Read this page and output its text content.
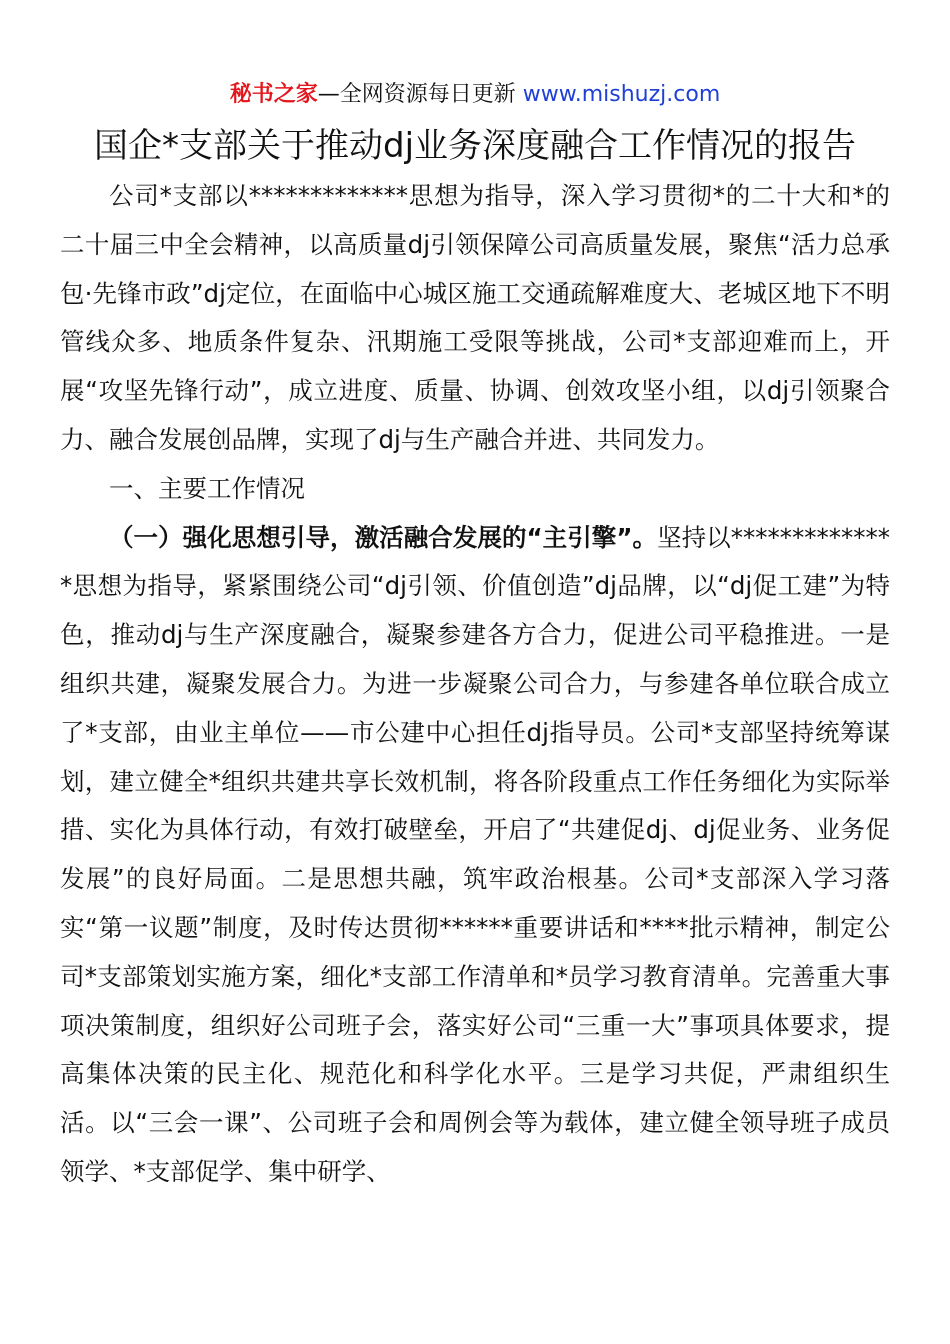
秘书之家—全网资源每日更新 www.mishuzj.com
国企*支部关于推动dj业务深度融合工作情况的报告

公司*支部以*************思想为指导，深入学习贯彻*的二十大和*的二十届三中全会精神，以高质量dj引领保障公司高质量发展，聚焦“活力总承包·先锋市政”dj定位，在面临中心城区施工交通疏解难度大、老城区地下不明管线众多、地质条件复杂、汛期施工受限等挑战，公司*支部迎难而上，开展“攻坚先锋行动”，成立进度、质量、协调、创效攻坚小组，以dj引领聚合力、融合发展创品牌，实现了dj与生产融合并进、共同发力。

一、主要工作情况

（一）强化思想引导，激活融合发展的“主引擎”。坚持以**************思想为指导，紧紧围绕公司“dj引领、价值创造”dj品牌，以“dj促工建”为特色，推动dj与生产深度融合，凝聚参建各方合力，促进公司平稳推进。一是组织共建，凝聚发展合力。为进一步凝聚公司合力，与参建各单位联合成立了*支部，由业主单位——市公建中心担任dj指导员。公司*支部坚持统筹谋划，建立健全*组织共建共享长效机制，将各阶段重点工作任务细化为实际举措、实化为具体行动，有效打破壁垒，开启了“共建促dj、dj促业务、业务促发展”的良好局面。二是思想共融，筑牢政治根基。公司*支部深入学习落实“第一议题”制度，及时传达贯彻******重要讲话和****批示精神，制定公司*支部策划实施方案，细化*支部工作清单和*员学习教育清单。完善重大事项决策制度，组织好公司班子会，落实好公司“三重一大”事项具体要求，提高集体决策的民主化、规范化和科学化水平。三是学习共促，严肃组织生活。以“三会一课”、公司班子会和周例会等为载体，建立健全领导班子成员领学、*支部促学、集中研学、
